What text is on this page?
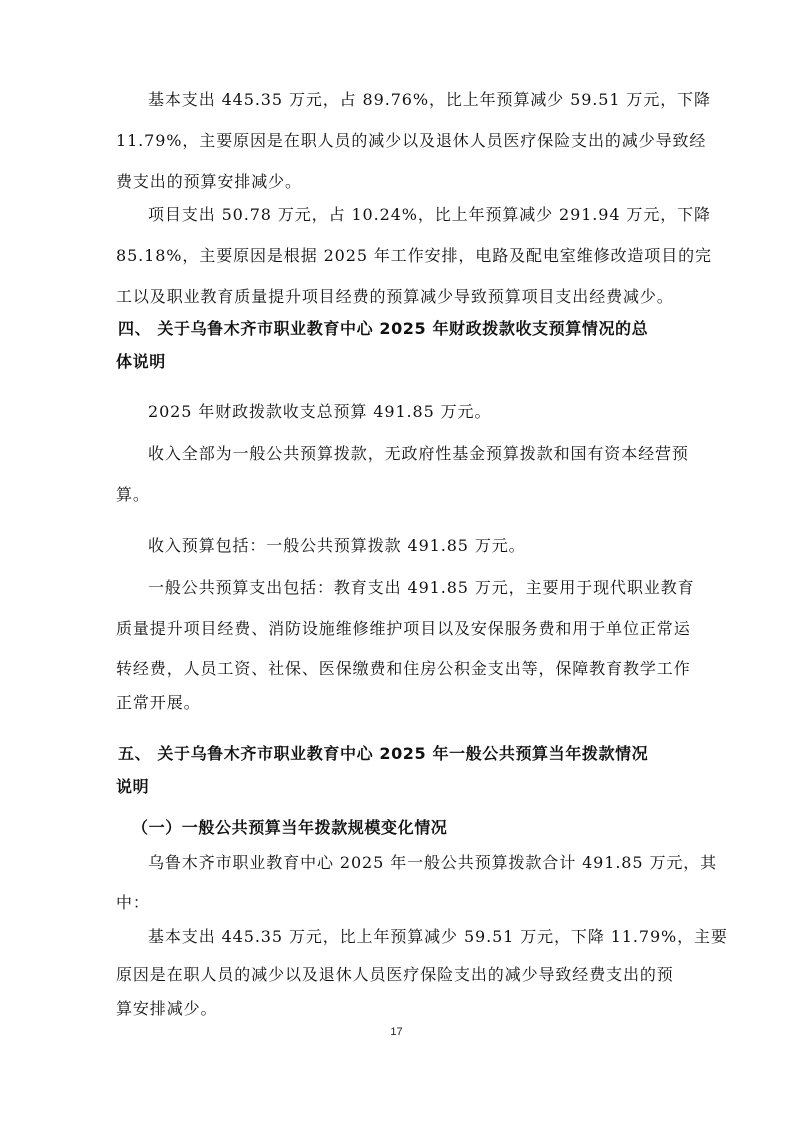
基本支出 445.35 万元，占 89.76%，比上年预算减少 59.51 万元，下降
11.79%，主要原因是在职人员的减少以及退休人员医疗保险支出的减少导致经
费支出的预算安排减少。
项目支出 50.78 万元，占 10.24%，比上年预算减少 291.94 万元，下降
85.18%，主要原因是根据 2025 年工作安排，电路及配电室维修改造项目的完
工以及职业教育质量提升项目经费的预算减少导致预算项目支出经费减少。
四、 关于乌鲁木齐市职业教育中心 2025 年财政拨款收支预算情况的总
体说明
2025 年财政拨款收支总预算 491.85 万元。
收入全部为一般公共预算拨款，无政府性基金预算拨款和国有资本经营预
算。
收入预算包括：一般公共预算拨款 491.85 万元。
一般公共预算支出包括：教育支出 491.85 万元，主要用于现代职业教育
质量提升项目经费、消防设施维修维护项目以及安保服务费和用于单位正常运
转经费，人员工资、社保、医保缴费和住房公积金支出等，保障教育教学工作
正常开展。
五、 关于乌鲁木齐市职业教育中心 2025 年一般公共预算当年拨款情况
说明
（一）一般公共预算当年拨款规模变化情况
乌鲁木齐市职业教育中心 2025 年一般公共预算拨款合计 491.85 万元，其
中：
基本支出 445.35 万元，比上年预算减少 59.51 万元，下降 11.79%，主要
原因是在职人员的减少以及退休人员医疗保险支出的减少导致经费支出的预
算安排减少。
17
